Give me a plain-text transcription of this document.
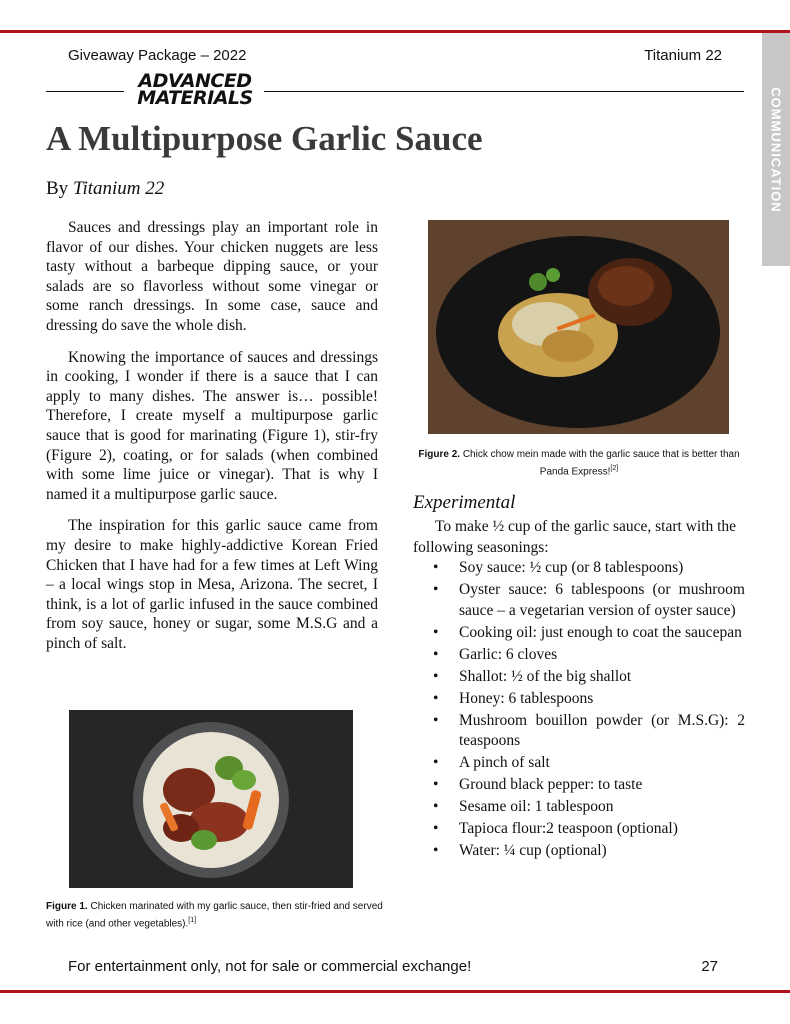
Giveaway Package – 2022	Titanium 22
ADVANCED
MATERIALS	COMMUNICATION
A Multipurpose Garlic Sauce
By Titanium 22

Sauces and dressings play an important role in flavor of our dishes. Your chicken nuggets are less tasty without a barbeque dipping sauce, or your salads are so flavorless without some vinegar or some ranch dressings. In some case, sauce and dressing do save the whole dish.

Knowing the importance of sauces and dressings in cooking, I wonder if there is a sauce that I can apply to many dishes. The answer is… possible! Therefore, I create myself a multipurpose garlic sauce that is good for marinating (Figure 1), stir-fry (Figure 2), coating, or for salads (when combined with some lime juice or vinegar). That is why I named it a multipurpose garlic sauce.

The inspiration for this garlic sauce came from my desire to make highly-addictive Korean Fried Chicken that I have had for a few times at Left Wing – a local wings stop in Mesa, Arizona. The secret, I think, is a lot of garlic infused in the sauce combined from soy sauce, honey or sugar, some M.S.G and a pinch of salt.

Figure 1. Chicken marinated with my garlic sauce, then stir-fried and served with rice (and other vegetables).[1]
Figure 2. Chick chow mein made with the garlic sauce that is better than Panda Express![2]
Experimental

To make ½ cup of the garlic sauce, start with the following seasonings:

• Soy sauce: ½ cup (or 8 tablespoons)
• Oyster sauce: 6 tablespoons (or mushroom sauce – a vegetarian version of oyster sauce)
• Cooking oil: just enough to coat the saucepan
• Garlic: 6 cloves
• Shallot: ½ of the big shallot
• Honey: 6 tablespoons
• Mushroom bouillon powder (or M.S.G): 2 teaspoons
• A pinch of salt
• Ground black pepper: to taste
• Sesame oil: 1 tablespoon
• Tapioca flour:2 teaspoon (optional)
• Water: ¼ cup (optional)
For entertainment only, not for sale or commercial exchange!	27
